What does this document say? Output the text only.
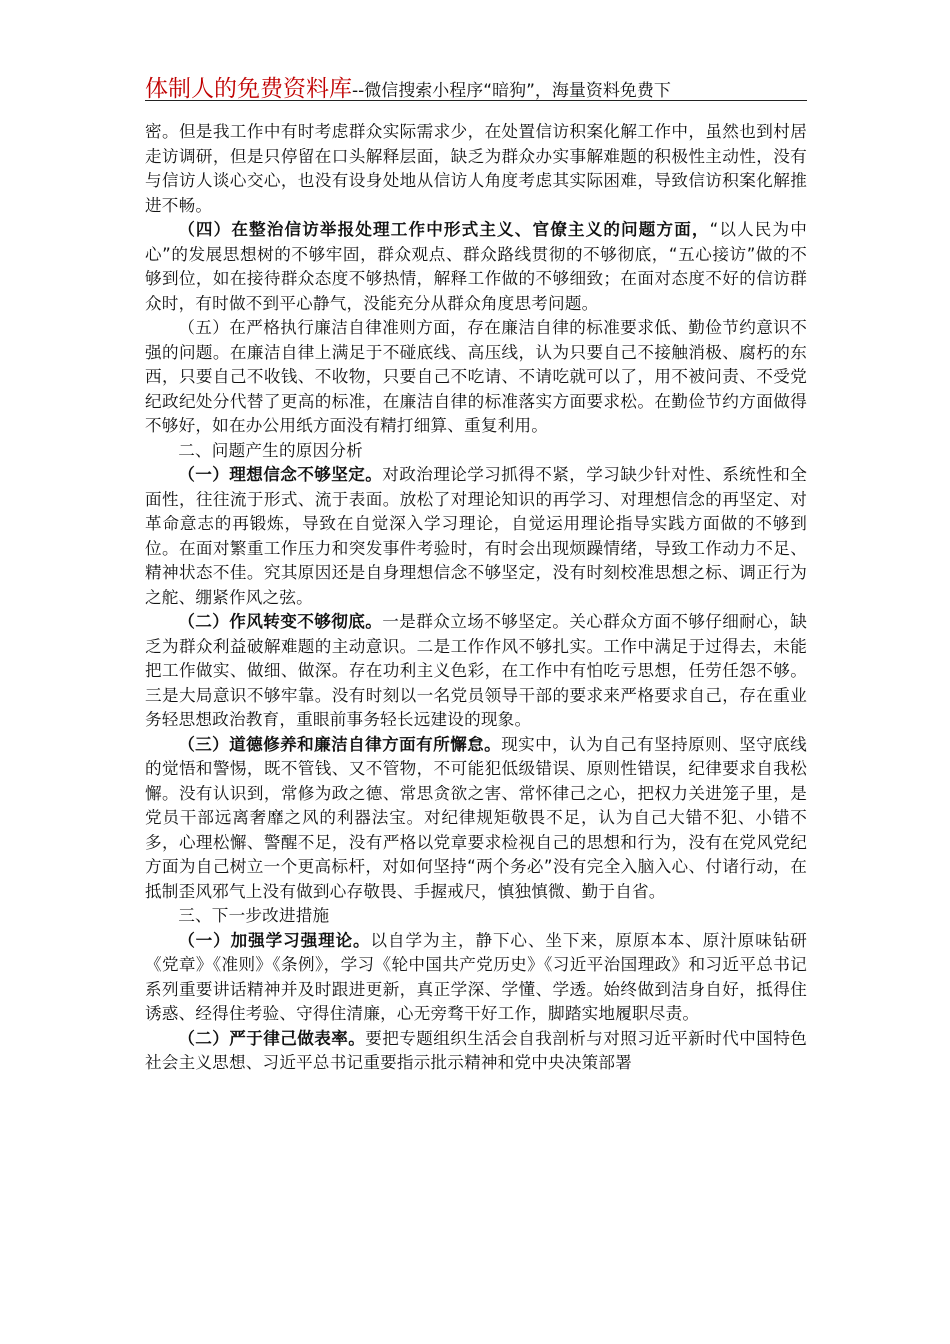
体制人的免费资料库--微信搜索小程序“暗狗”，海量资料免费下

密。但是我工作中有时考虑群众实际需求少，在处置信访积案化解工作中，虽然也到村居走访调研，但是只停留在口头解释层面，缺乏为群众办实事解难题的积极性主动性，没有与信访人谈心交心，也没有设身处地从信访人角度考虑其实际困难，导致信访积案化解推进不畅。

（四）在整治信访举报处理工作中形式主义、官僚主义的问题方面，“以人民为中心”的发展思想树的不够牢固，群众观点、群众路线贯彻的不够彻底，“五心接访”做的不够到位，如在接待群众态度不够热情，解释工作做的不够细致；在面对态度不好的信访群众时，有时做不到平心静气，没能充分从群众角度思考问题。

（五）在严格执行廉洁自律准则方面，存在廉洁自律的标准要求低、勤俭节约意识不强的问题。在廉洁自律上满足于不碰底线、高压线，认为只要自己不接触消极、腐朽的东西，只要自己不收钱、不收物，只要自己不吃请、不请吃就可以了，用不被问责、不受党纪政纪处分代替了更高的标准，在廉洁自律的标准落实方面要求松。在勤俭节约方面做得不够好，如在办公用纸方面没有精打细算、重复利用。

二、问题产生的原因分析

（一）理想信念不够坚定。对政治理论学习抓得不紧，学习缺少针对性、系统性和全面性，往往流于形式、流于表面。放松了对理论知识的再学习、对理想信念的再坚定、对革命意志的再锻炼，导致在自觉深入学习理论，自觉运用理论指导实践方面做的不够到位。在面对繁重工作压力和突发事件考验时，有时会出现烦躁情绪，导致工作动力不足、精神状态不佳。究其原因还是自身理想信念不够坚定，没有时刻校准思想之标、调正行为之舵、绷紧作风之弦。

（二）作风转变不够彻底。一是群众立场不够坚定。关心群众方面不够仔细耐心，缺乏为群众利益破解难题的主动意识。二是工作作风不够扎实。工作中满足于过得去，未能把工作做实、做细、做深。存在功利主义色彩，在工作中有怕吃亏思想，任劳任怨不够。三是大局意识不够牢靠。没有时刻以一名党员领导干部的要求来严格要求自己，存在重业务轻思想政治教育，重眼前事务轻长远建设的现象。

（三）道德修养和廉洁自律方面有所懈怠。现实中，认为自己有坚持原则、坚守底线的觉悟和警惕，既不管钱、又不管物，不可能犯低级错误、原则性错误，纪律要求自我松懈。没有认识到，常修为政之德、常思贪欲之害、常怀律己之心，把权力关进笼子里，是党员干部远离奢靡之风的利器法宝。对纪律规矩敬畏不足，认为自己大错不犯、小错不多，心理松懈、警醒不足，没有严格以党章要求检视自己的思想和行为，没有在党风党纪方面为自己树立一个更高标杆，对如何坚持“两个务必”没有完全入脑入心、付诸行动，在抵制歪风邪气上没有做到心存敬畏、手握戒尺，慎独慎微、勤于自省。

三、下一步改进措施

（一）加强学习强理论。以自学为主，静下心、坐下来，原原本本、原汁原味钻研《党章》《准则》《条例》，学习《轮中国共产党历史》《习近平治国理政》和习近平总书记系列重要讲话精神并及时跟进更新，真正学深、学懂、学透。始终做到洁身自好，抵得住诱惑、经得住考验、守得住清廉，心无旁骛干好工作，脚踏实地履职尽责。

（二）严于律己做表率。要把专题组织生活会自我剖析与对照习近平新时代中国特色社会主义思想、习近平总书记重要指示批示精神和党中央决策部署
